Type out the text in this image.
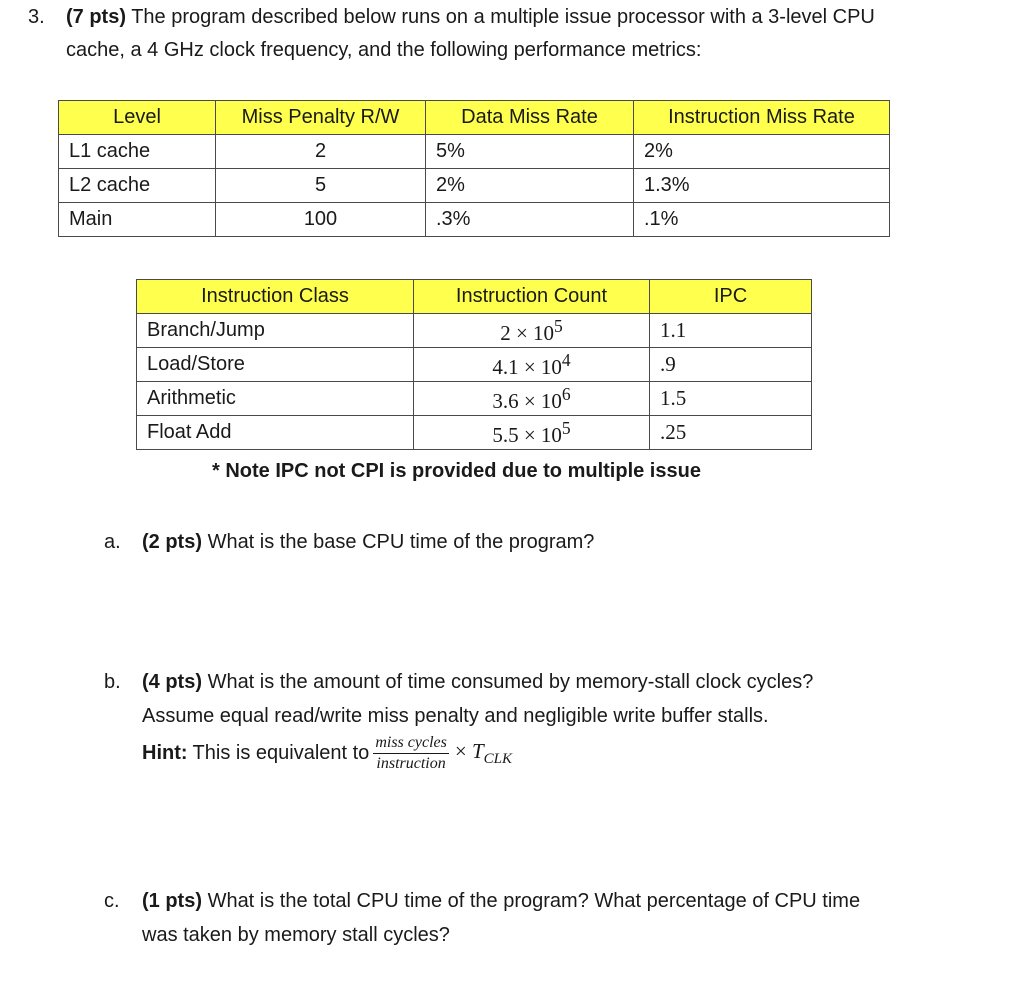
3. (7 pts) The program described below runs on a multiple issue processor with a 3-level CPU
cache, a 4 GHz clock frequency, and the following performance metrics:
Level	Miss Penalty R/W	Data Miss Rate	Instruction Miss Rate
L1 cache	2	5%	2%
L2 cache	5	2%	1.3%
Main	100	.3%	.1%
Instruction Class	Instruction Count	IPC
Branch/Jump	$2 \times 10^5$	1.1
Load/Store	$4.1 \times 10^4$	.9
Arithmetic	$3.6 \times 10^6$	1.5
Float Add	$5.5 \times 10^5$	.25
* Note IPC not CPI is provided due to multiple issue
a. (2 pts) What is the base CPU time of the program?
b. (4 pts) What is the amount of time consumed by memory-stall clock cycles?
Assume equal read/write miss penalty and negligible write buffer stalls.
Hint: This is equivalent to $\frac{\text{miss cycles}}{\text{instruction}} \times T_{CLK}$
c. (1 pts) What is the total CPU time of the program? What percentage of CPU time
was taken by memory stall cycles?
